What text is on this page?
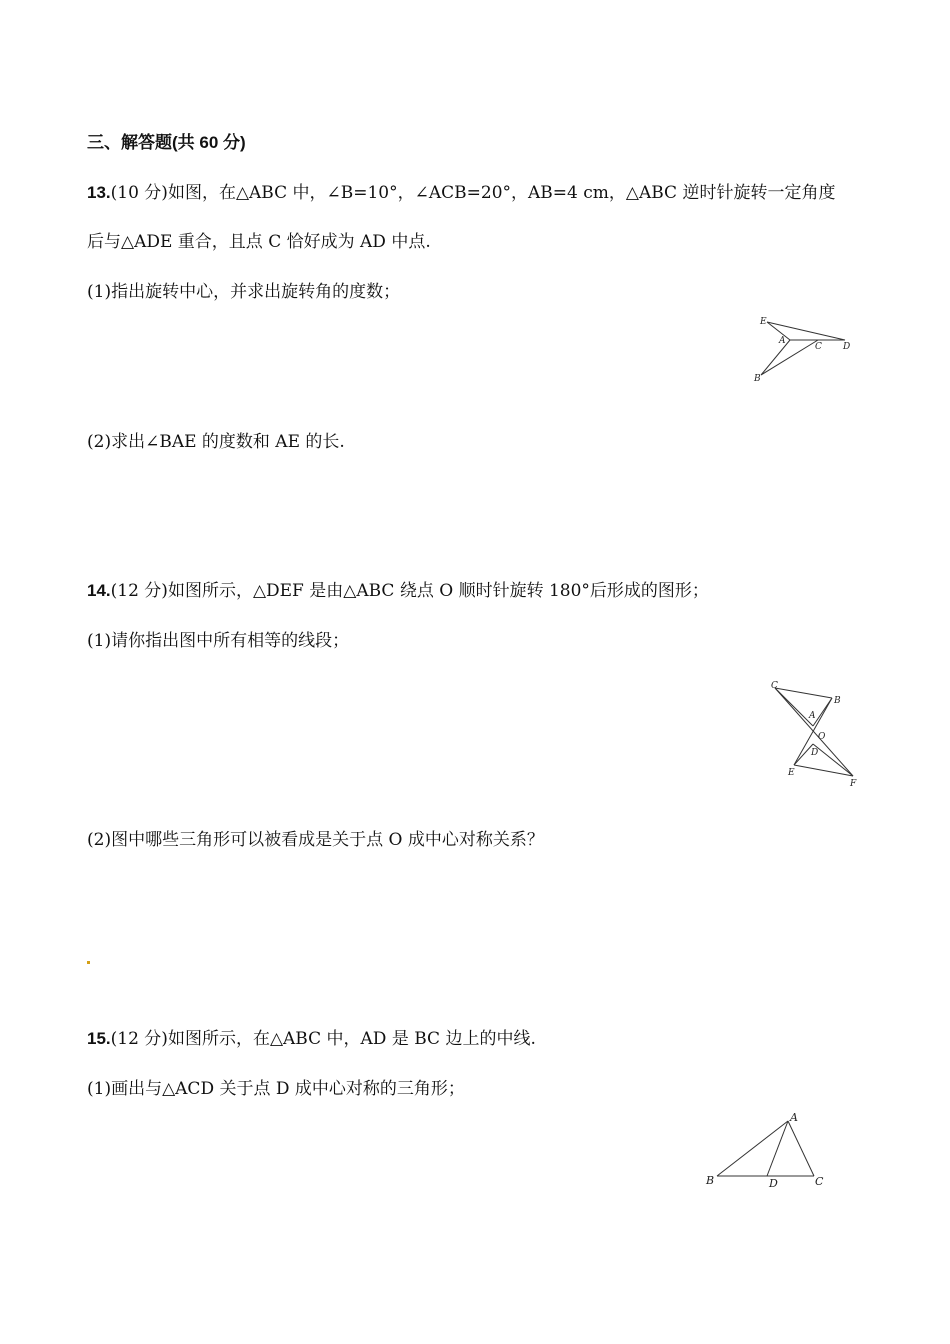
三、解答题(共 60 分)
13.(10 分)如图，在△ABC 中，∠B=10°，∠ACB=20°，AB=4 cm，△ABC 逆时针旋转一定角度
后与△ADE 重合，且点 C 恰好成为 AD 中点.
(1)指出旋转中心，并求出旋转角的度数；
E
A
C D
B
(2)求出∠BAE 的度数和 AE 的长.
14.(12 分)如图所示，△DEF 是由△ABC 绕点 O 顺时针旋转 180°后形成的图形；
(1)请你指出图中所有相等的线段；
C
B
A
O
D
E
F
(2)图中哪些三角形可以被看成是关于点 O 成中心对称关系？
15.(12 分)如图所示，在△ABC 中，AD 是 BC 边上的中线.
(1)画出与△ACD 关于点 D 成中心对称的三角形；
A
B	D	C
